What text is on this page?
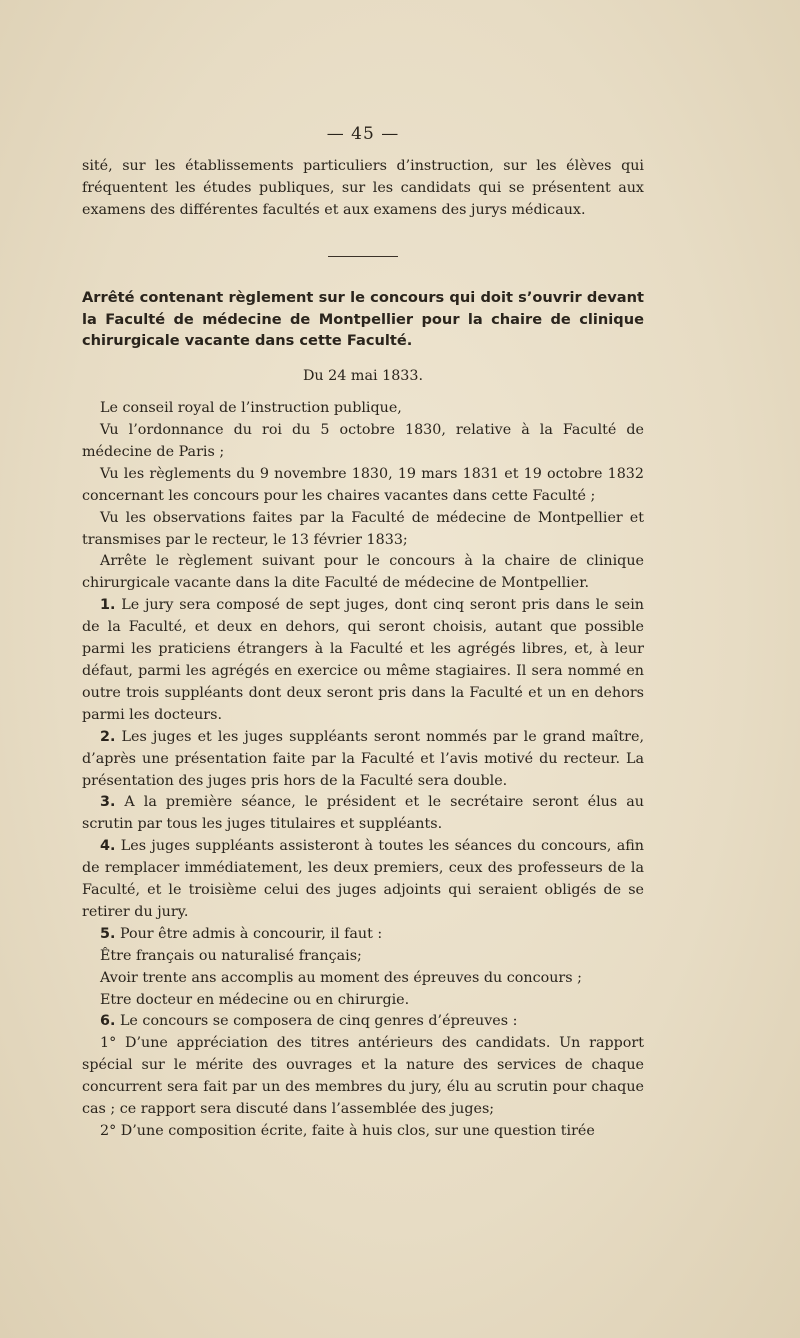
— 45 —

sité, sur les établissements particuliers d’instruction, sur les élèves qui fréquentent les études publiques, sur les candidats qui se présentent aux examens des différentes facultés et aux examens des jurys médicaux.

Arrêté contenant règlement sur le concours qui doit s’ouvrir devant la Faculté de médecine de Montpellier pour la chaire de clinique chirurgicale vacante dans cette Faculté.

Du 24 mai 1833.

Le conseil royal de l’instruction publique,

Vu l’ordonnance du roi du 5 octobre 1830, relative à la Faculté de médecine de Paris ;

Vu les règlements du 9 novembre 1830, 19 mars 1831 et 19 octobre 1832 concernant les concours pour les chaires vacantes dans cette Faculté ;

Vu les observations faites par la Faculté de médecine de Montpellier et transmises par le recteur, le 13 février 1833;

Arrête le règlement suivant pour le concours à la chaire de clinique chirurgicale vacante dans la dite Faculté de médecine de Montpellier.

1. Le jury sera composé de sept juges, dont cinq seront pris dans le sein de la Faculté, et deux en dehors, qui seront choisis, autant que possible parmi les praticiens étrangers à la Faculté et les agrégés libres, et, à leur défaut, parmi les agrégés en exercice ou même stagiaires. Il sera nommé en outre trois suppléants dont deux seront pris dans la Faculté et un en dehors parmi les docteurs.

2. Les juges et les juges suppléants seront nommés par le grand maître, d’après une présentation faite par la Faculté et l’avis motivé du recteur. La présentation des juges pris hors de la Faculté sera double.

3. A la première séance, le président et le secrétaire seront élus au scrutin par tous les juges titulaires et suppléants.

4. Les juges suppléants assisteront à toutes les séances du concours, afin de remplacer immédiatement, les deux premiers, ceux des professeurs de la Faculté, et le troisième celui des juges adjoints qui seraient obligés de se retirer du jury.

5. Pour être admis à concourir, il faut :

Être français ou naturalisé français;

Avoir trente ans accomplis au moment des épreuves du concours ;

Etre docteur en médecine ou en chirurgie.

6. Le concours se composera de cinq genres d’épreuves :

1° D’une appréciation des titres antérieurs des candidats. Un rapport spécial sur le mérite des ouvrages et la nature des services de chaque concurrent sera fait par un des membres du jury, élu au scrutin pour chaque cas ; ce rapport sera discuté dans l’assemblée des juges;

2° D’une composition écrite, faite à huis clos, sur une question tirée
